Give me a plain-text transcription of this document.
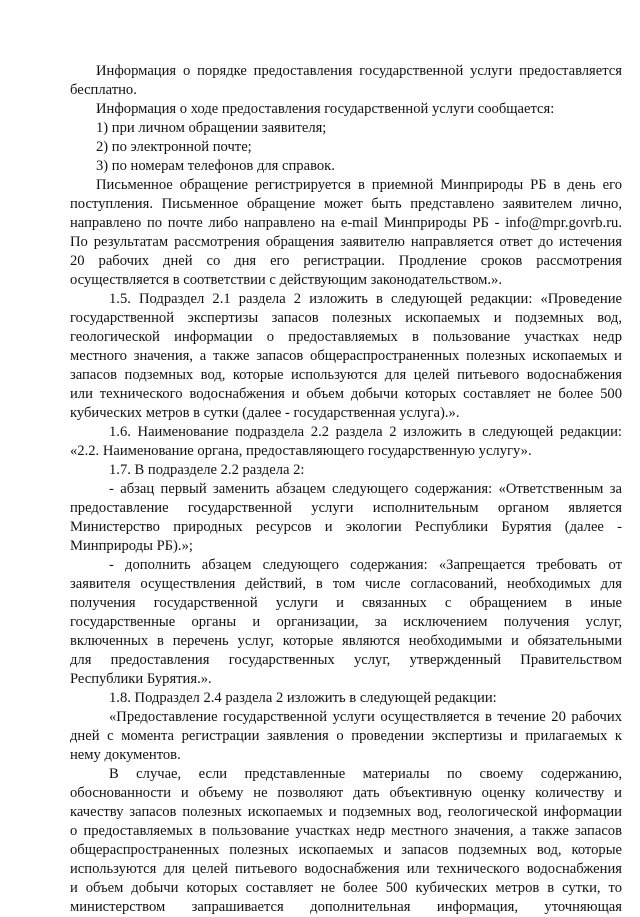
Информация о порядке предоставления государственной услуги предоставляется
бесплатно.
Информация о ходе предоставления государственной услуги сообщается:
1) при личном обращении заявителя;
2) по электронной почте;
3) по номерам телефонов для справок.
Письменное обращение регистрируется в приемной Минприроды РБ в день его
поступления. Письменное обращение может быть представлено заявителем лично,
направлено по почте либо направлено на e-mail Минприроды РБ - info@mpr.govrb.ru.
По результатам рассмотрения обращения заявителю направляется ответ до истечения
20 рабочих дней со дня его регистрации. Продление сроков рассмотрения
осуществляется в соответствии с действующим законодательством.».
1.5. Подраздел 2.1 раздела 2 изложить в следующей редакции: «Проведение
государственной экспертизы запасов полезных ископаемых и подземных вод,
геологической информации о предоставляемых в пользование участках недр
местного значения, а также запасов общераспространенных полезных ископаемых и
запасов подземных вод, которые используются для целей питьевого водоснабжения
или технического водоснабжения и объем добычи которых составляет не более 500
кубических метров в сутки (далее - государственная услуга).».
1.6. Наименование подраздела 2.2 раздела 2 изложить в следующей редакции:
«2.2. Наименование органа, предоставляющего государственную услугу».
1.7. В подразделе 2.2 раздела 2:
- абзац первый заменить абзацем следующего содержания: «Ответственным за
предоставление государственной услуги исполнительным органом является
Министерство природных ресурсов и экологии Республики Бурятия (далее -
Минприроды РБ).»;
- дополнить абзацем следующего содержания: «Запрещается требовать от
заявителя осуществления действий, в том числе согласований, необходимых для
получения государственной услуги и связанных с обращением в иные
государственные органы и организации, за исключением получения услуг,
включенных в перечень услуг, которые являются необходимыми и обязательными
для предоставления государственных услуг, утвержденный Правительством
Республики Бурятия.».
1.8. Подраздел 2.4 раздела 2 изложить в следующей редакции:
«Предоставление государственной услуги осуществляется в течение 20 рабочих
дней с момента регистрации заявления о проведении экспертизы и прилагаемых к
нему документов.
В случае, если представленные материалы по своему содержанию,
обоснованности и объему не позволяют дать объективную оценку количеству и
качеству запасов полезных ископаемых и подземных вод, геологической информации
о предоставляемых в пользование участках недр местного значения, а также запасов
общераспространенных полезных ископаемых и запасов подземных вод, которые
используются для целей питьевого водоснабжения или технического водоснабжения
и объем добычи которых составляет не более 500 кубических метров в сутки, то
министерством запрашивается дополнительная информация, уточняющая
